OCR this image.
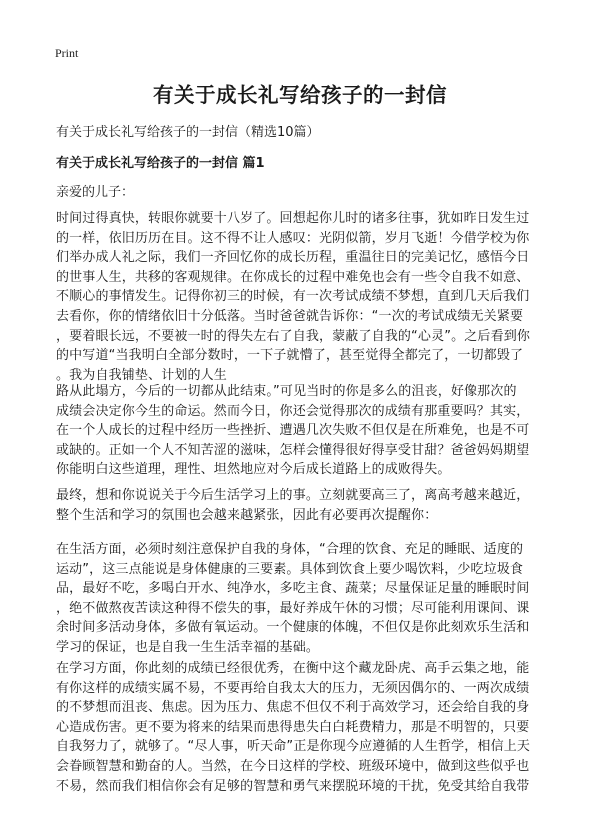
Print
有关于成长礼写给孩子的一封信

有关于成长礼写给孩子的一封信（精选10篇）

有关于成长礼写给孩子的一封信 篇1

亲爱的儿子：

时间过得真快，转眼你就要十八岁了。回想起你儿时的诸多往事，犹如昨日发生过
的一样，依旧历历在目。这不得不让人感叹：光阴似箭，岁月飞逝！今借学校为你
们举办成人礼之际，我们一齐回忆你的成长历程，重温往日的完美记忆，感悟今日
的世事人生，共移的客观规律。在你成长的过程中难免也会有一些令自我不如意、
不顺心的事情发生。记得你初三的时候，有一次考试成绩不梦想，直到几天后我们
去看你，你的情绪依旧十分低落。当时爸爸就告诉你：“一次的考试成绩无关紧要
，要着眼长远，不要被一时的得失左右了自我，蒙蔽了自我的“心灵”。之后看到你
的中写道“当我明白全部分数时，一下子就懵了，甚至觉得全都完了，一切都毁了
。我为自我铺垫、计划的人生
路从此塌方，今后的一切都从此结束。”可见当时的你是多么的沮丧，好像那次的
成绩会决定你今生的命运。然而今日，你还会觉得那次的成绩有那重要吗？其实，
在一个人成长的过程中经历一些挫折、遭遇几次失败不但仅是在所难免，也是不可
或缺的。正如一个人不知苦涩的滋味，怎样会懂得很好得享受甘甜？爸爸妈妈期望
你能明白这些道理，理性、坦然地应对今后成长道路上的成败得失。
最终，想和你说说关于今后生活学习上的事。立刻就要高三了，离高考越来越近，
整个生活和学习的氛围也会越来越紧张，因此有必要再次提醒你：
在生活方面，必须时刻注意保护自我的身体，“合理的饮食、充足的睡眠、适度的
运动”，这三点能说是身体健康的三要素。具体到饮食上要少喝饮料，少吃垃圾食
品，最好不吃，多喝白开水、纯净水，多吃主食、蔬菜；尽量保证足量的睡眠时间
，绝不做熬夜苦读这种得不偿失的事，最好养成午休的习惯；尽可能利用课间、课
余时间多活动身体，多做有氧运动。一个健康的体魄，不但仅是你此刻欢乐生活和
学习的保证，也是自我一生生活幸福的基础。
在学习方面，你此刻的成绩已经很优秀，在衡中这个藏龙卧虎、高手云集之地，能
有你这样的成绩实属不易，不要再给自我太大的压力，无须因偶尔的、一两次成绩
的不梦想而沮丧、焦虑。因为压力、焦虑不但仅不利于高效学习，还会给自我的身
心造成伤害。更不要为将来的结果而患得患失白白耗费精力，那是不明智的，只要
自我努力了，就够了。“尽人事，听天命”正是你现今应遵循的人生哲学，相信上天
会眷顾智慧和勤奋的人。当然，在今日这样的学校、班级环境中，做到这些似乎也
不易，然而我们相信你会有足够的智慧和勇气来摆脱环境的干扰，免受其给自我带
